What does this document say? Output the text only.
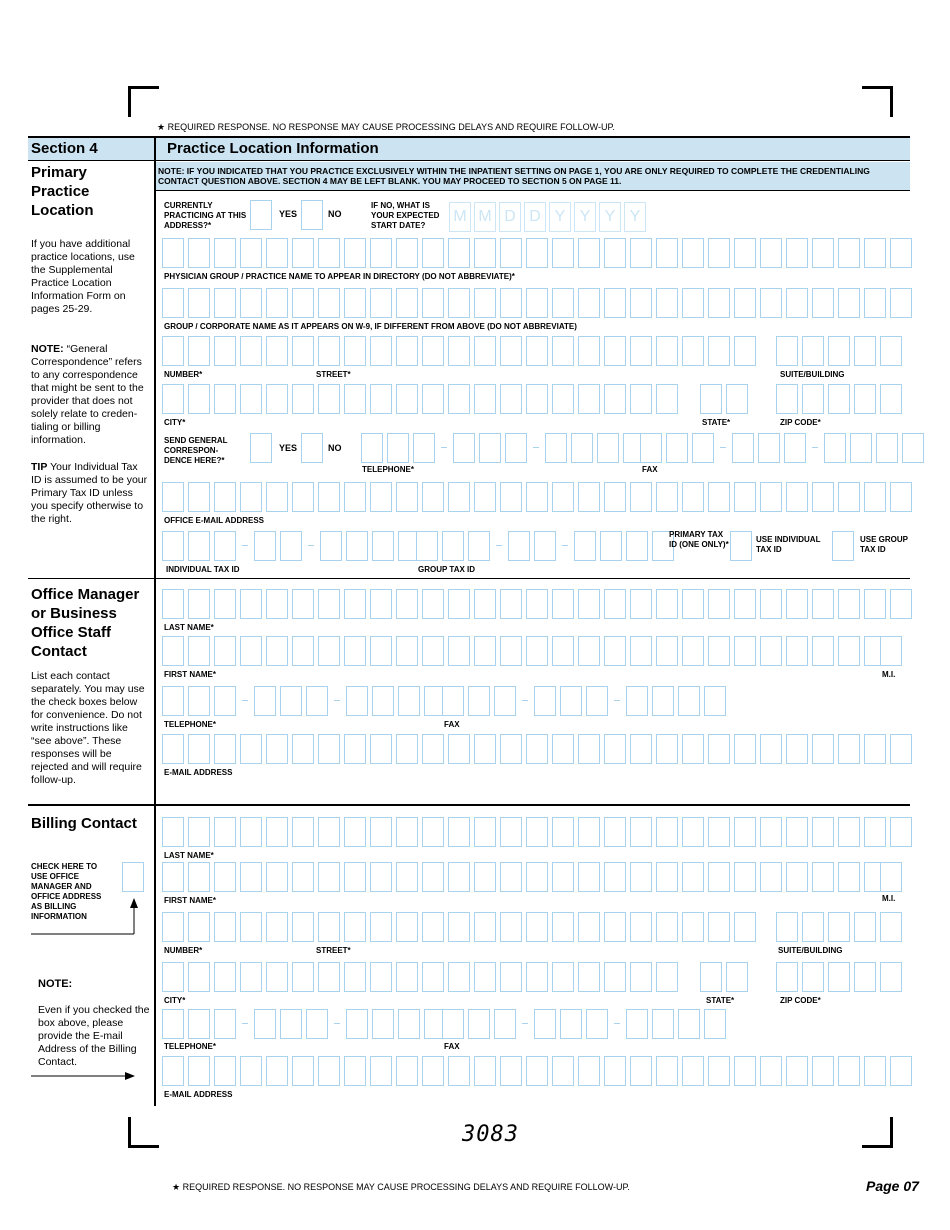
★ REQUIRED RESPONSE. NO RESPONSE MAY CAUSE PROCESSING DELAYS AND REQUIRE FOLLOW-UP.
Section 4	Practice Location Information
NOTE: IF YOU INDICATED THAT YOU PRACTICE EXCLUSIVELY WITHIN THE INPATIENT SETTING ON PAGE 1, YOU ARE ONLY REQUIRED TO COMPLETE THE CREDENTIALING CONTACT QUESTION ABOVE. SECTION 4 MAY BE LEFT BLANK. YOU MAY PROCEED TO SECTION 5 ON PAGE 11.
Primary Practice Location
If you have additional practice locations, use the Supplemental Practice Location Information Form on pages 25-29.
NOTE: “General Correspondence” refers to any correspondence that might be sent to the provider that does not solely relate to creden-tialing or billing information.
TIP Your Individual Tax ID is assumed to be your Primary Tax ID unless you specify otherwise to the right.
Office Manager or Business Office Staff Contact
List each contact separately. You may use the check boxes below for convenience. Do not write instructions like “see above”. These responses will be rejected and will require follow-up.
Billing Contact
CHECK HERE TO USE OFFICE MANAGER AND OFFICE ADDRESS AS BILLING INFORMATION
NOTE:
Even if you checked the box above, please provide the E-mail Address of the Billing Contact.
CURRENTLY PRACTICING AT THIS ADDRESS?*
YES	NO
IF NO, WHAT IS YOUR EXPECTED START DATE?
M M D D Y Y Y Y
PHYSICIAN GROUP / PRACTICE NAME TO APPEAR IN DIRECTORY (DO NOT ABBREVIATE)*
GROUP / CORPORATE NAME AS IT APPEARS ON W-9, IF DIFFERENT FROM ABOVE (DO NOT ABBREVIATE)
NUMBER*	STREET*	SUITE/BUILDING
CITY*	STATE*	ZIP CODE*
SEND GENERAL CORRESPON-DENCE HERE?*
YES	NO
TELEPHONE*	FAX
OFFICE E-MAIL ADDRESS
INDIVIDUAL TAX ID	GROUP TAX ID
PRIMARY TAX ID (ONE ONLY)*
USE INDIVIDUAL TAX ID
USE GROUP TAX ID
LAST NAME*
FIRST NAME*	M.I.
TELEPHONE*	FAX
E-MAIL ADDRESS
LAST NAME*
FIRST NAME*	M.I.
NUMBER*	STREET*	SUITE/BUILDING
CITY*	STATE*	ZIP CODE*
TELEPHONE*	FAX
E-MAIL ADDRESS
3083
★ REQUIRED RESPONSE. NO RESPONSE MAY CAUSE PROCESSING DELAYS AND REQUIRE FOLLOW-UP.	Page 07
